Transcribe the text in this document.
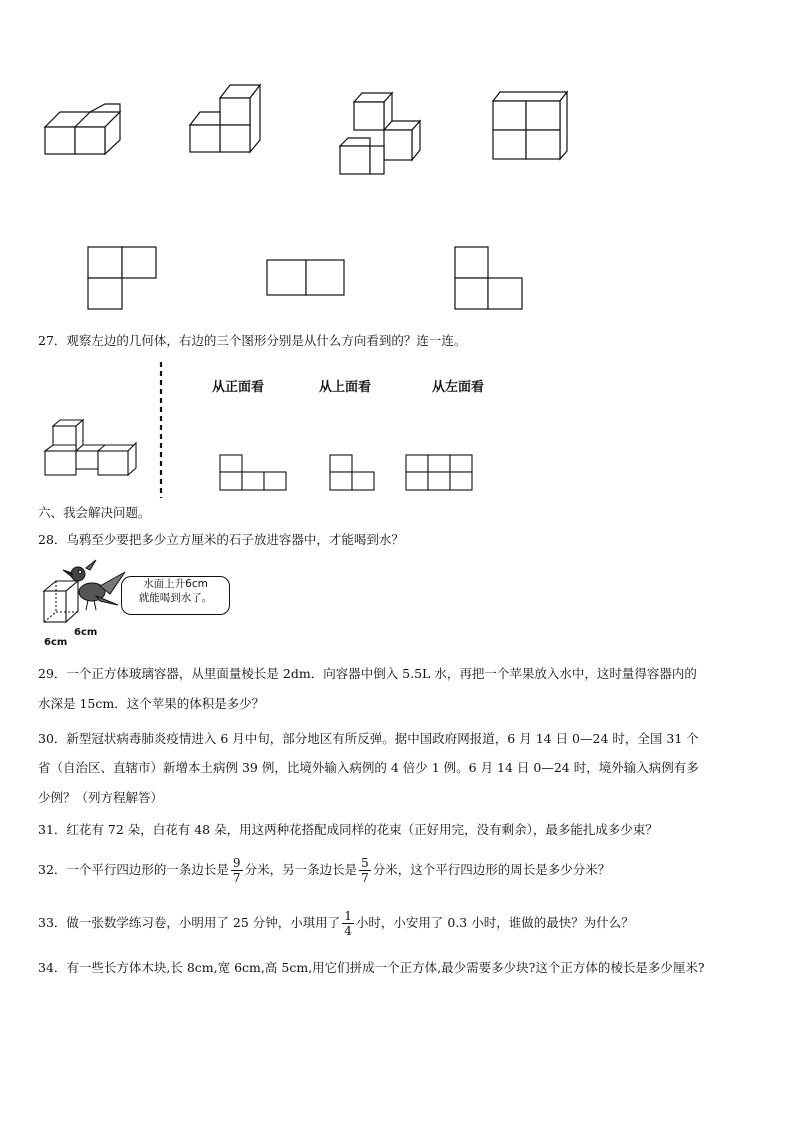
6cm
6cm
水面上升6cm
就能喝到水了。
27．观察左边的几何体，右边的三个图形分别是从什么方向看到的？连一连。
从正面看	从上面看	从左面看
六、我会解决问题。
28．乌鸦至少要把多少立方厘米的石子放进容器中，才能喝到水？
29．一个正方体玻璃容器，从里面量棱长是 2dm．向容器中倒入 5.5L 水，再把一个苹果放入水中，这时量得容器内的
水深是 15cm．这个苹果的体积是多少？
30．新型冠状病毒肺炎疫情进入 6 月中旬，部分地区有所反弹。据中国政府网报道，6 月 14 日 0—24 时，全国 31 个
省（自治区、直辖市）新增本土病例 39 例，比境外输入病例的 4 倍少 1 例。6 月 14 日 0—24 时，境外输入病例有多
少例？（列方程解答）
31．红花有 72 朵，白花有 48 朵，用这两种花搭配成同样的花束（正好用完，没有剩余），最多能扎成多少束？
32．一个平行四边形的一条边长是 $\frac{9}{7}$ 分米，另一条边长是 $\frac{5}{7}$ 分米，这个平行四边形的周长是多少分米？
33．做一张数学练习卷，小明用了 25 分钟，小琪用了 $\frac{1}{4}$ 小时，小安用了 0.3 小时，谁做的最快？为什么？
34．有一些长方体木块,长 8cm,宽 6cm,高 5cm,用它们拼成一个正方体,最少需要多少块?这个正方体的棱长是多少厘米?
